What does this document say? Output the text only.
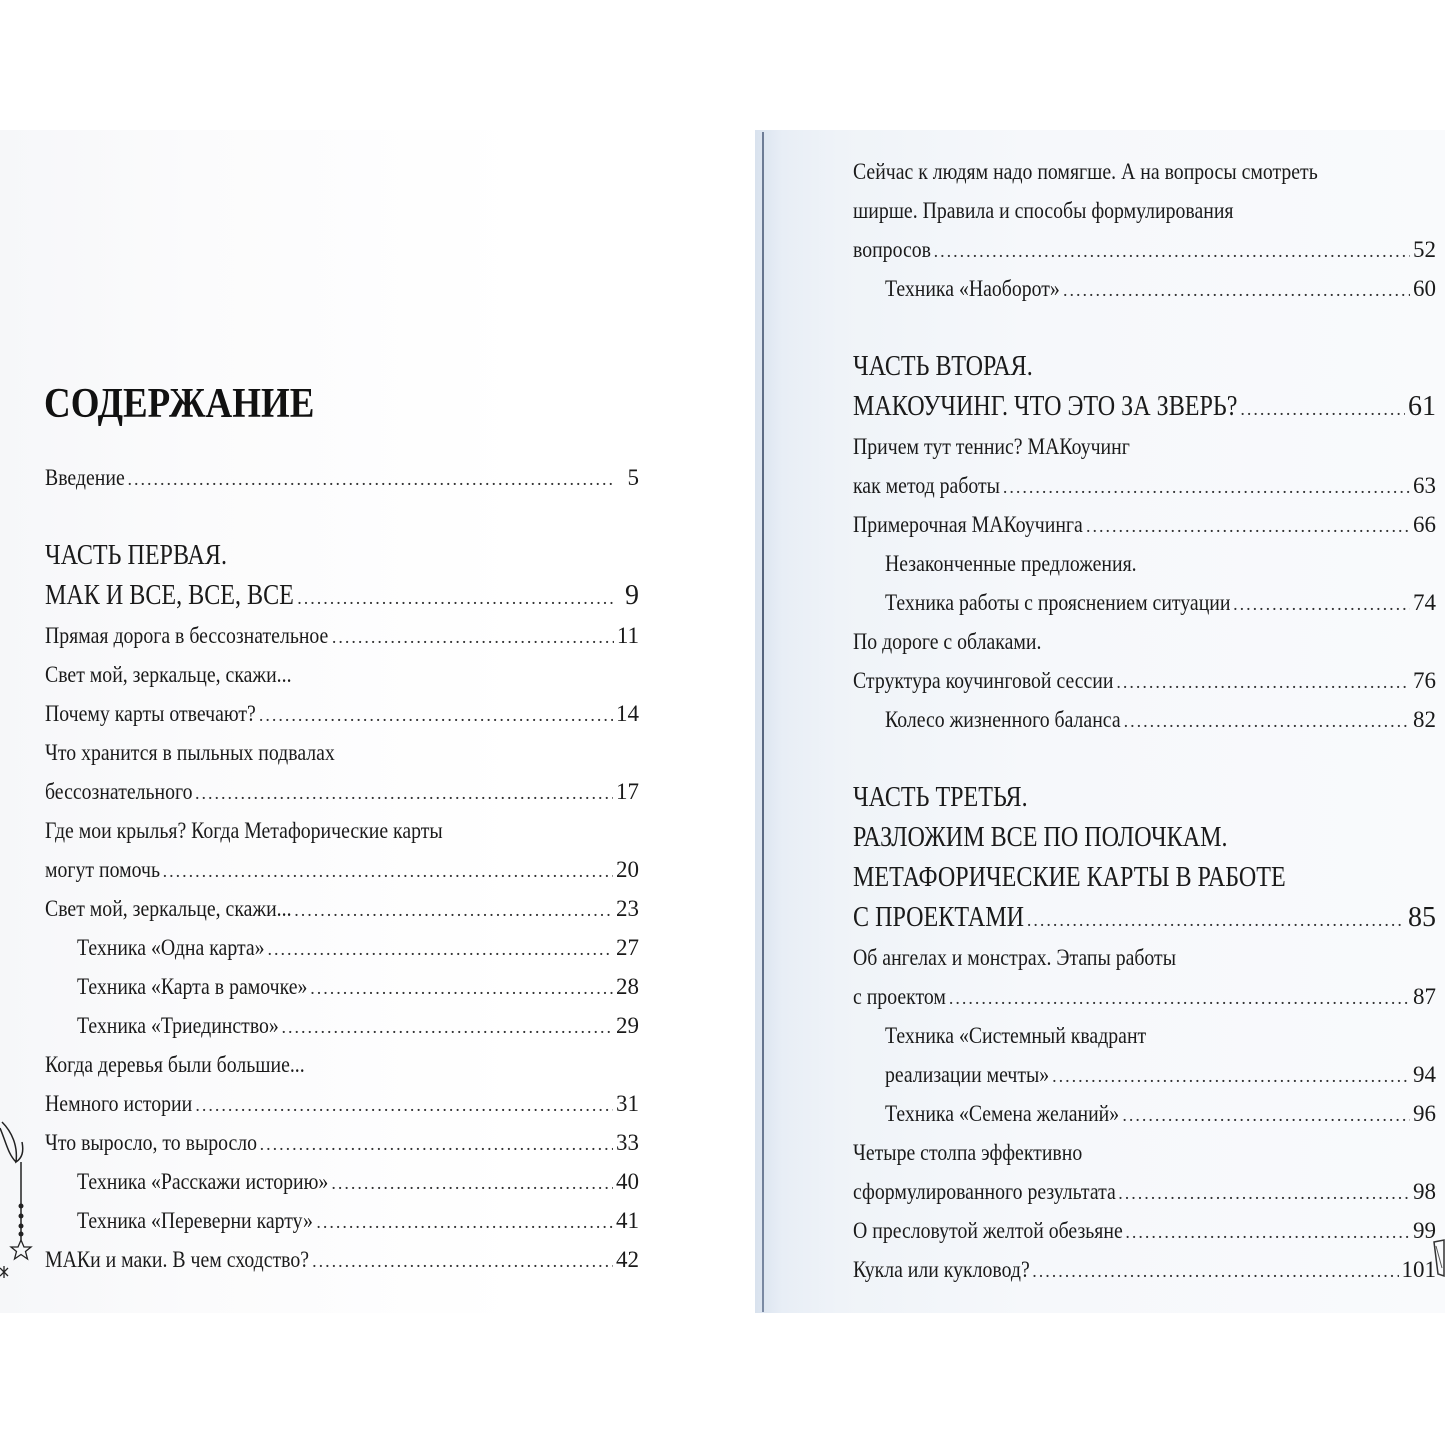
СОДЕРЖАНИЕ
Введение .....	5
ЧАСТЬ ПЕРВАЯ.
МАК И ВСЕ, ВСЕ, ВСЕ .....	9
Прямая дорога в бессознательное .....	11
Свет мой, зеркальце, скажи...
Почему карты отвечают? .....	14
Что хранится в пыльных подвалах
бессознательного .....	17
Где мои крылья? Когда Метафорические карты
могут помочь .....	20
Свет мой, зеркальце, скажи... .....	23
Техника «Одна карта» .....	27
Техника «Карта в рамочке» .....	28
Техника «Триединство» .....	29
Когда деревья были большие...
Немного истории .....	31
Что выросло, то выросло .....	33
Техника «Расскажи историю» .....	40
Техника «Переверни карту» .....	41
МАКи и маки. В чем сходство? .....	42
Сейчас к людям надо помягше. А на вопросы смотреть
ширше. Правила и способы формулирования
вопросов .....	52
Техника «Наоборот» .....	60
ЧАСТЬ ВТОРАЯ.
МАКОУЧИНГ. ЧТО ЭТО ЗА ЗВЕРЬ? .....	61
Причем тут теннис? МАКоучинг
как метод работы .....	63
Примерочная МАКоучинга .....	66
Незаконченные предложения.
Техника работы с прояснением ситуации .....	74
По дороге с облаками.
Структура коучинговой сессии .....	76
Колесо жизненного баланса .....	82
ЧАСТЬ ТРЕТЬЯ.
РАЗЛОЖИМ ВСЕ ПО ПОЛОЧКАМ.
МЕТАФОРИЧЕСКИЕ КАРТЫ В РАБОТЕ
С ПРОЕКТАМИ .....	85
Об ангелах и монстрах. Этапы работы
с проектом .....	87
Техника «Системный квадрант
реализации мечты» .....	94
Техника «Семена желаний» .....	96
Четыре столпа эффективно
сформулированного результата .....	98
О пресловутой желтой обезьяне .....	99
Кукла или кукловод? .....	101
